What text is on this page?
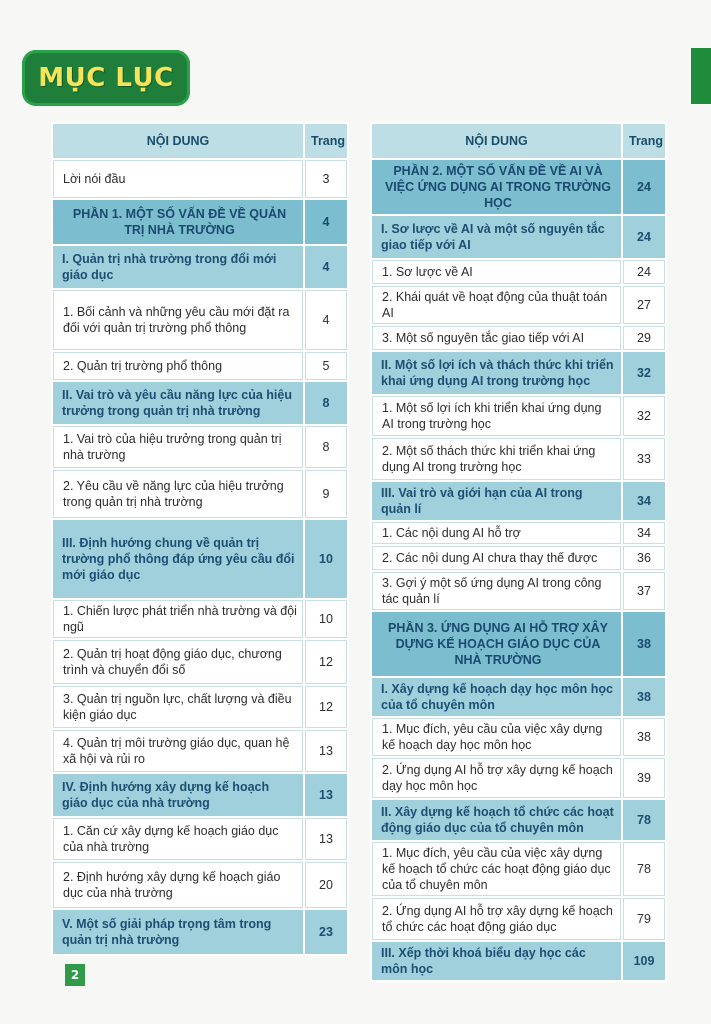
MỤC LỤC
NỘI DUNG	Trang
Lời nói đầu	3
PHẦN 1. MỘT SỐ VẤN ĐỀ VỀ QUẢN TRỊ NHÀ TRƯỜNG	4
I. Quản trị nhà trường trong đổi mới giáo dục	4
1. Bối cảnh và những yêu cầu mới đặt ra đối với quản trị trường phổ thông	4
2. Quản trị trường phổ thông	5
II. Vai trò và yêu cầu năng lực của hiệu trưởng trong quản trị nhà trường	8
1. Vai trò của hiệu trưởng trong quản trị nhà trường	8
2. Yêu cầu về năng lực của hiệu trưởng trong quản trị nhà trường	9
III. Định hướng chung về quản trị trường phổ thông đáp ứng yêu cầu đổi mới giáo dục	10
1. Chiến lược phát triển nhà trường và đội ngũ	10
2. Quản trị hoạt động giáo dục, chương trình và chuyển đổi số	12
3. Quản trị nguồn lực, chất lượng và điều kiện giáo dục	12
4. Quản trị môi trường giáo dục, quan hệ xã hội và rủi ro	13
IV. Định hướng xây dựng kế hoạch giáo dục của nhà trường	13
1. Căn cứ xây dựng kế hoạch giáo dục của nhà trường	13
2. Định hướng xây dựng kế hoạch giáo dục của nhà trường	20
V. Một số giải pháp trọng tâm trong quản trị nhà trường	23
NỘI DUNG	Trang
PHẦN 2. MỘT SỐ VẤN ĐỀ VỀ AI VÀ VIỆC ỨNG DỤNG AI TRONG TRƯỜNG HỌC	24
I. Sơ lược về AI và một số nguyên tắc giao tiếp với AI	24
1. Sơ lược về AI	24
2. Khái quát về hoạt động của thuật toán AI	27
3. Một số nguyên tắc giao tiếp với AI	29
II. Một số lợi ích và thách thức khi triển khai ứng dụng AI trong trường học	32
1. Một số lợi ích khi triển khai ứng dụng AI trong trường học	32
2. Một số thách thức khi triển khai ứng dụng AI trong trường học	33
III. Vai trò và giới hạn của AI trong quản lí	34
1. Các nội dung AI hỗ trợ	34
2. Các nội dung AI chưa thay thế được	36
3. Gợi ý một số ứng dụng AI trong công tác quản lí	37
PHẦN 3. ỨNG DỤNG AI HỖ TRỢ XÂY DỰNG KẾ HOẠCH GIÁO DỤC CỦA NHÀ TRƯỜNG	38
I. Xây dựng kế hoạch dạy học môn học của tổ chuyên môn	38
1. Mục đích, yêu cầu của việc xây dựng kế hoạch dạy học môn học	38
2. Ứng dụng AI hỗ trợ xây dựng kế hoạch dạy học môn học	39
II. Xây dựng kế hoạch tổ chức các hoạt động giáo dục của tổ chuyên môn	78
1. Mục đích, yêu cầu của việc xây dựng kế hoạch tổ chức các hoạt động giáo dục của tổ chuyên môn	78
2. Ứng dụng AI hỗ trợ xây dựng kế hoạch tổ chức các hoạt động giáo dục	79
III. Xếp thời khoá biểu dạy học các môn học	109
2
